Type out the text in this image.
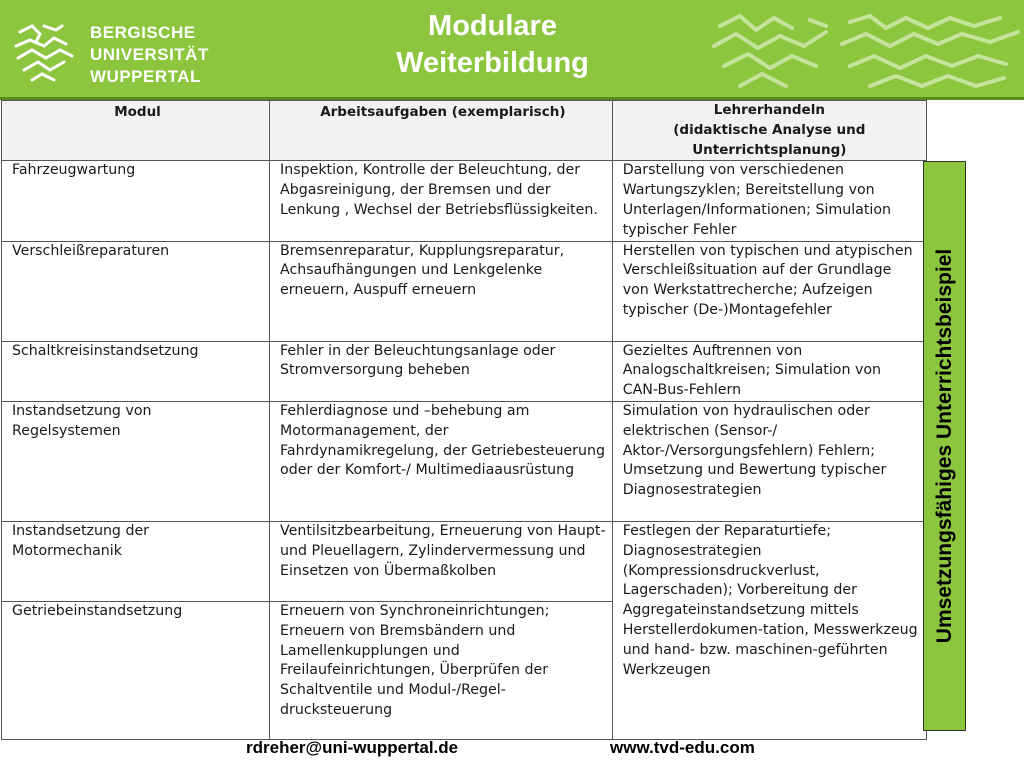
BERGISCHE
UNIVERSITÄT
WUPPERTAL
Modulare
Weiterbildung
Modul	Arbeitsaufgaben (exemplarisch)	Lehrerhandeln
(didaktische Analyse und Unterrichtsplanung)
Fahrzeugwartung	Inspektion, Kontrolle der Beleuchtung, der Abgasreinigung, der Bremsen und der Lenkung , Wechsel der Betriebsflüssigkeiten.	Darstellung von verschiedenen Wartungszyklen; Bereitstellung von Unterlagen/Informationen; Simulation typischer Fehler
Verschleißreparaturen	Bremsenreparatur, Kupplungsreparatur, Achsaufhängungen und Lenkgelenke erneuern, Auspuff erneuern	Herstellen von typischen und atypischen Verschleißsituation auf der Grundlage von Werkstattrecherche; Aufzeigen typischer (De-)Montagefehler
Schaltkreisinstandsetzung	Fehler in der Beleuchtungsanlage oder Stromversorgung beheben	Gezieltes Auftrennen von Analogschaltkreisen; Simulation von CAN-Bus-Fehlern
Instandsetzung von Regelsystemen	Fehlerdiagnose und –behebung am Motormanagement, der Fahrdynamikregelung, der Getriebesteuerung oder der Komfort-/ Multimediaausrüstung	Simulation von hydraulischen oder elektrischen (Sensor-/ Aktor-/Versorgungsfehlern) Fehlern; Umsetzung und Bewertung typischer Diagnosestrategien
Instandsetzung der Motormechanik	Ventilsitzbearbeitung, Erneuerung von Haupt- und Pleuellagern, Zylindervermessung und Einsetzen von Übermaßkolben	Festlegen der Reparaturtiefe; Diagnosestrategien (Kompressionsdruckverlust, Lagerschaden); Vorbereitung der Aggregateinstandsetzung mittels Herstellerdokumen-tation, Messwerkzeug und hand- bzw. maschinen-geführten Werkzeugen
Getriebeinstandsetzung	Erneuern von Synchroneinrichtungen; Erneuern von Bremsbändern und Lamellenkupplungen und Freilaufeinrichtungen, Überprüfen der Schaltventile und Modul-/Regel-drucksteuerung	
Umsetzungsfähiges Unterrichtsbeispiel
rdreher@uni-wuppertal.de	www.tvd-edu.com
